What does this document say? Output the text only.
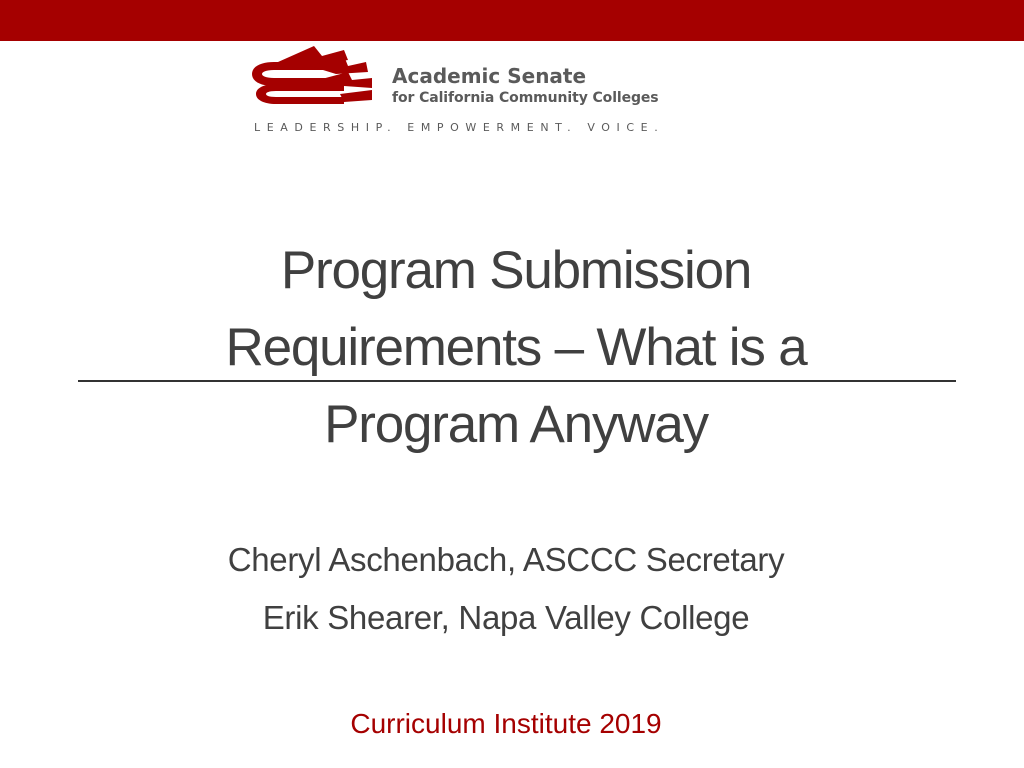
Academic Senate
for California Community Colleges
LEADERSHIP. EMPOWERMENT. VOICE.
Program Submission
Requirements – What is a
Program Anyway
Cheryl Aschenbach, ASCCC Secretary
Erik Shearer, Napa Valley College
Curriculum Institute 2019
